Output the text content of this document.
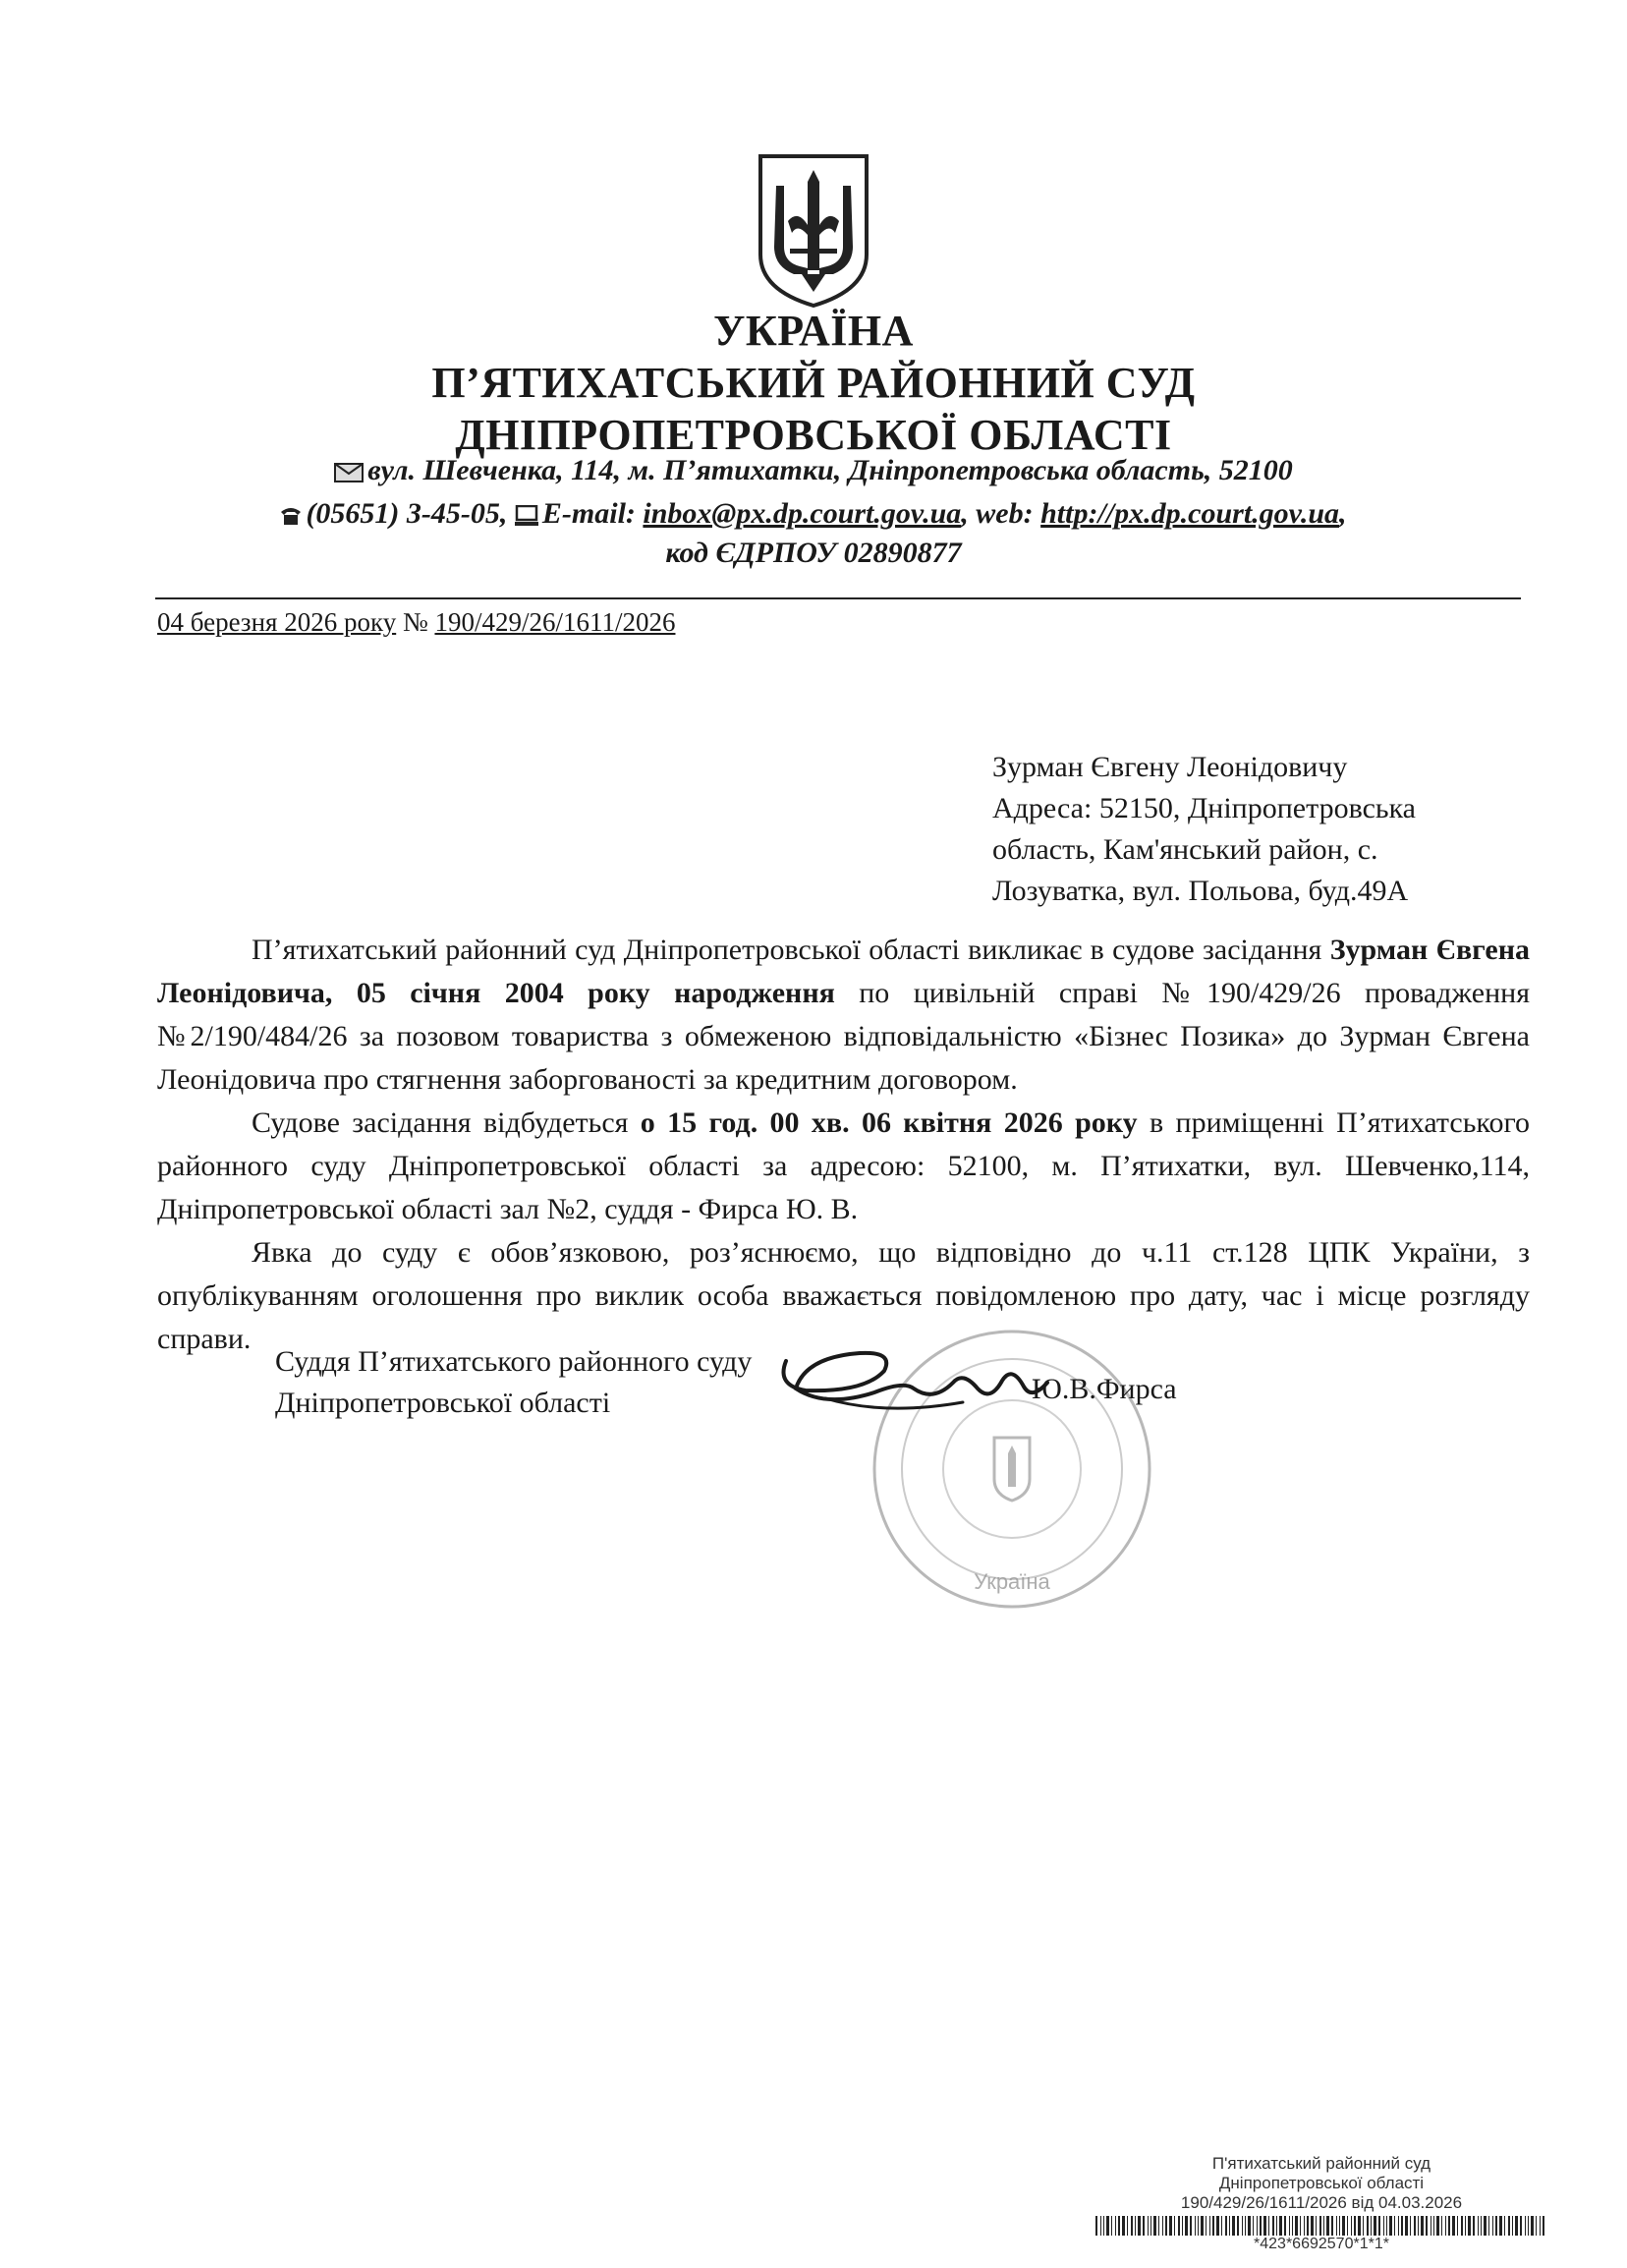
УКРАЇНА
П’ЯТИХАТСЬКИЙ РАЙОННИЙ СУД
ДНІПРОПЕТРОВСЬКОЇ ОБЛАСТІ
вул. Шевченка, 114, м. П’ятихатки, Дніпропетровська область, 52100
(05651) 3-45-05, E-mail: inbox@px.dp.court.gov.ua, web: http://px.dp.court.gov.ua,
код ЄДРПОУ 02890877
04 березня 2026 року № 190/429/26/1611/2026
Зурман Євгену Леонідовичу
Адреса: 52150, Дніпропетровська
область, Кам'янський район, с.
Лозуватка, вул. Польова, буд.49А

П’ятихатський районний суд Дніпропетровської області викликає в судове засідання Зурман Євгена Леонідовича, 05 січня 2004 року народження по цивільній справі №190/429/26 провадження №2/190/484/26 за позовом товариства з обмеженою відповідальністю «Бізнес Позика» до Зурман Євгена Леонідовича про стягнення заборгованості за кредитним договором.

Судове засідання відбудеться о 15 год. 00 хв. 06 квітня 2026 року в приміщенні П’ятихатського районного суду Дніпропетровської області за адресою: 52100, м. П’ятихатки, вул. Шевченко,114, Дніпропетровської області зал №2, суддя - Фирса Ю. В.

Явка до суду є обов’язковою, роз’яснюємо, що відповідно до ч.11 ст.128 ЦПК України, з опублікуванням оголошення про виклик особа вважається повідомленою про дату, час і місце розгляду справи.

Суддя П’ятихатського районного суду
Дніпропетровської області
Україна
Ю.В.Фирса
П'ятихатський районний суд
Дніпропетровської області
190/429/26/1611/2026 від 04.03.2026
*423*6692570*1*1*
